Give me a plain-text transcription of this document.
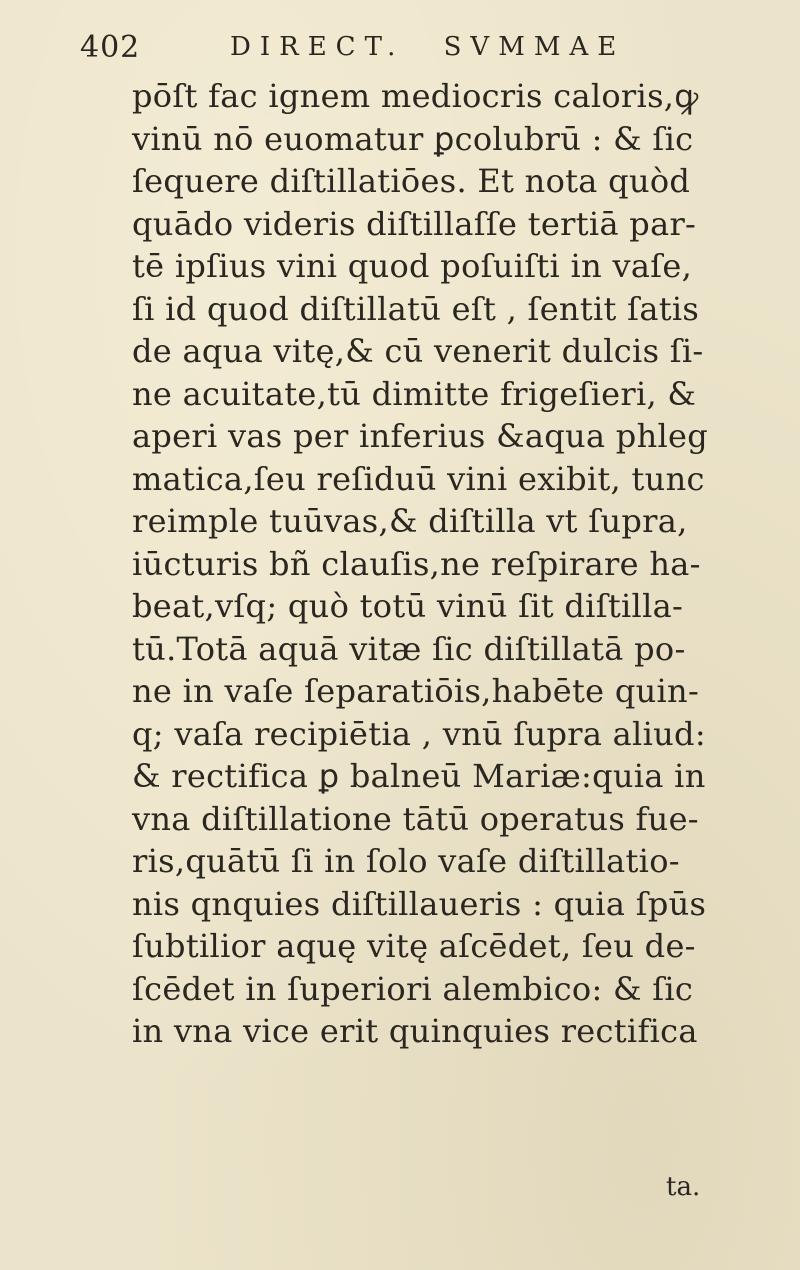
402	DIRECT. SVMMAE
pōſt fac ignem mediocris caloris,ꝙ
vinū nō euomatur ꝑcolubrū : & ſic
ſequere diſtillatiōes. Et nota quòd
quādo videris diſtillaſſe tertiā par-
tē ipſius vini quod poſuiſti in vaſe,
ſi id quod diſtillatū eſt , ſentit ſatis
de aqua vitę,& cū venerit dulcis ſi-
ne acuitate,tū dimitte frigeſieri, &
aperi vas per inferius &aqua phleg
matica,ſeu reſiduū vini exibit, tunc
reimple tuūvas,& diſtilla vt ſupra,
iūcturis bñ clauſis,ne reſpirare ha-
beat,vſq; quò totū vinū ſit diſtilla-
tū.Totā aquā vitæ ſic diſtillatā po-
ne in vaſe ſeparatiōis,habēte quin-
q; vaſa recipiētia , vnū ſupra aliud:
& rectifica ꝑ balneū Mariæ:quia in
vna diſtillatione tātū operatus fue-
ris,quātū ſi in ſolo vaſe diſtillatio-
nis qnquies diſtillaueris : quia ſpūs
ſubtilior aquę vitę aſcēdet, ſeu de-
ſcēdet in ſuperiori alembico: & ſic
in vna vice erit quinquies rectifica
ta.
